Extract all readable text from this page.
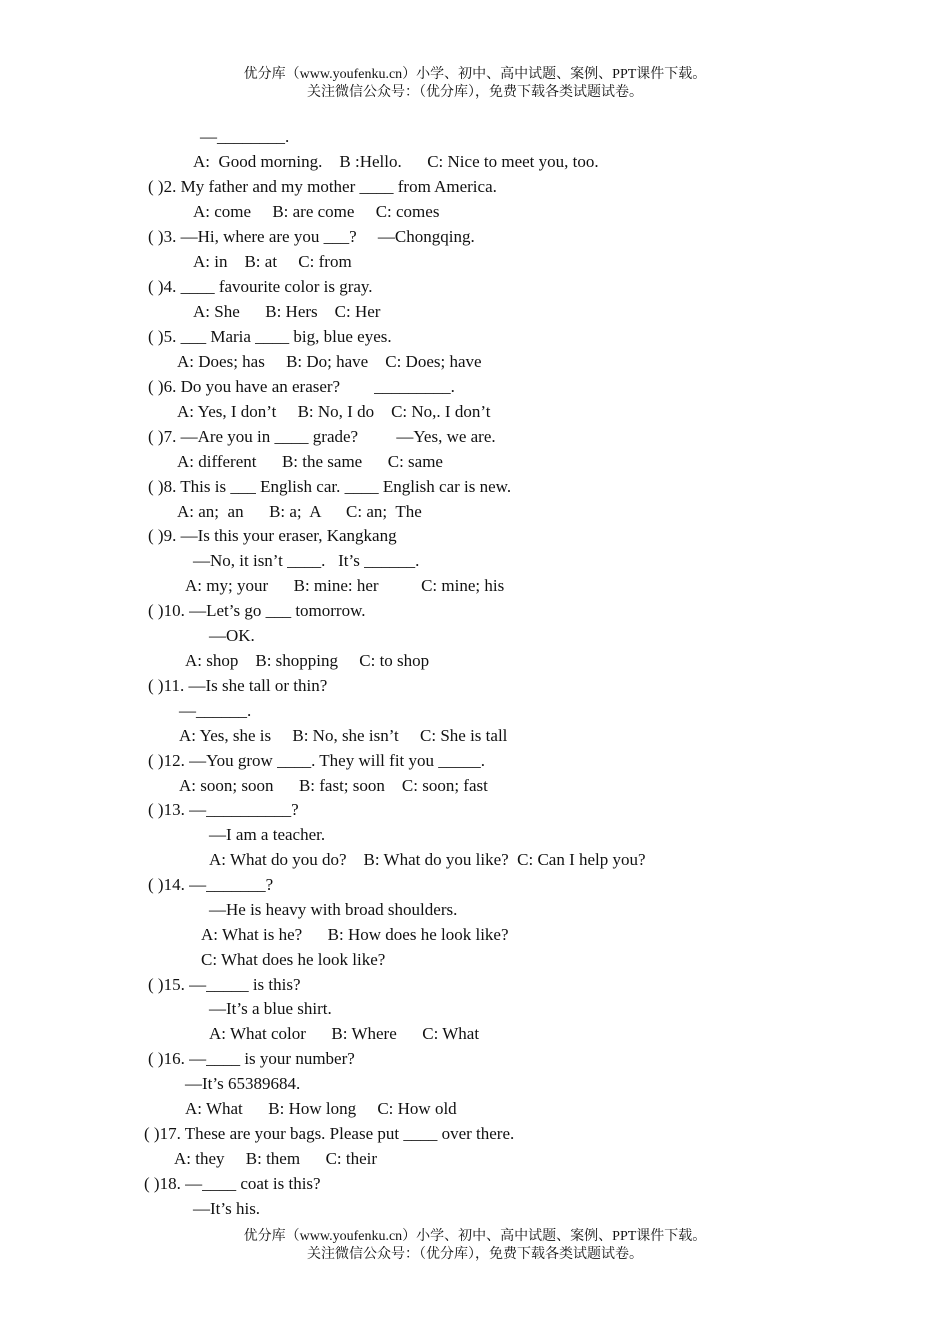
优分库（www.youfenku.cn）小学、初中、高中试题、案例、PPT课件下载。
关注微信公众号：（优分库），免费下载各类试题试卷。
—________.
A:  Good morning.    B :Hello.      C: Nice to meet you, too.
( )2. My father and my mother ____ from America.
A: come     B: are come     C: comes
( )3. —Hi, where are you ___?     —Chongqing.
A: in    B: at     C: from
( )4. ____ favourite color is gray.
A: She      B: Hers    C: Her
( )5. ___ Maria ____ big, blue eyes.
A: Does; has     B: Do; have    C: Does; have
( )6. Do you have an eraser?        _________.
A: Yes, I don’t     B: No, I do    C: No,. I don’t
( )7. —Are you in ____ grade?         —Yes, we are.
A: different      B: the same      C: same
( )8. This is ___ English car. ____ English car is new.
A: an;  an      B: a;  A      C: an;  The
( )9. —Is this your eraser, Kangkang
—No, it isn’t ____.   It’s ______.
A: my; your      B: mine: her          C: mine; his
( )10. —Let’s go ___ tomorrow.
—OK.
A: shop    B: shopping     C: to shop
( )11. —Is she tall or thin?
—______.
A: Yes, she is     B: No, she isn’t     C: She is tall
( )12. —You grow ____. They will fit you _____.
A: soon; soon      B: fast; soon    C: soon; fast
( )13. —__________?
—I am a teacher.
A: What do you do?    B: What do you like?  C: Can I help you?
( )14. —_______?
—He is heavy with broad shoulders.
A: What is he?      B: How does he look like?
C: What does he look like?
( )15. —_____ is this?
—It’s a blue shirt.
A: What color      B: Where      C: What
( )16. —____ is your number?
—It’s 65389684.
A: What      B: How long     C: How old
( )17. These are your bags. Please put ____ over there.
A: they     B: them      C: their
( )18. —____ coat is this?
—It’s his.
优分库（www.youfenku.cn）小学、初中、高中试题、案例、PPT课件下载。
关注微信公众号：（优分库），免费下载各类试题试卷。
